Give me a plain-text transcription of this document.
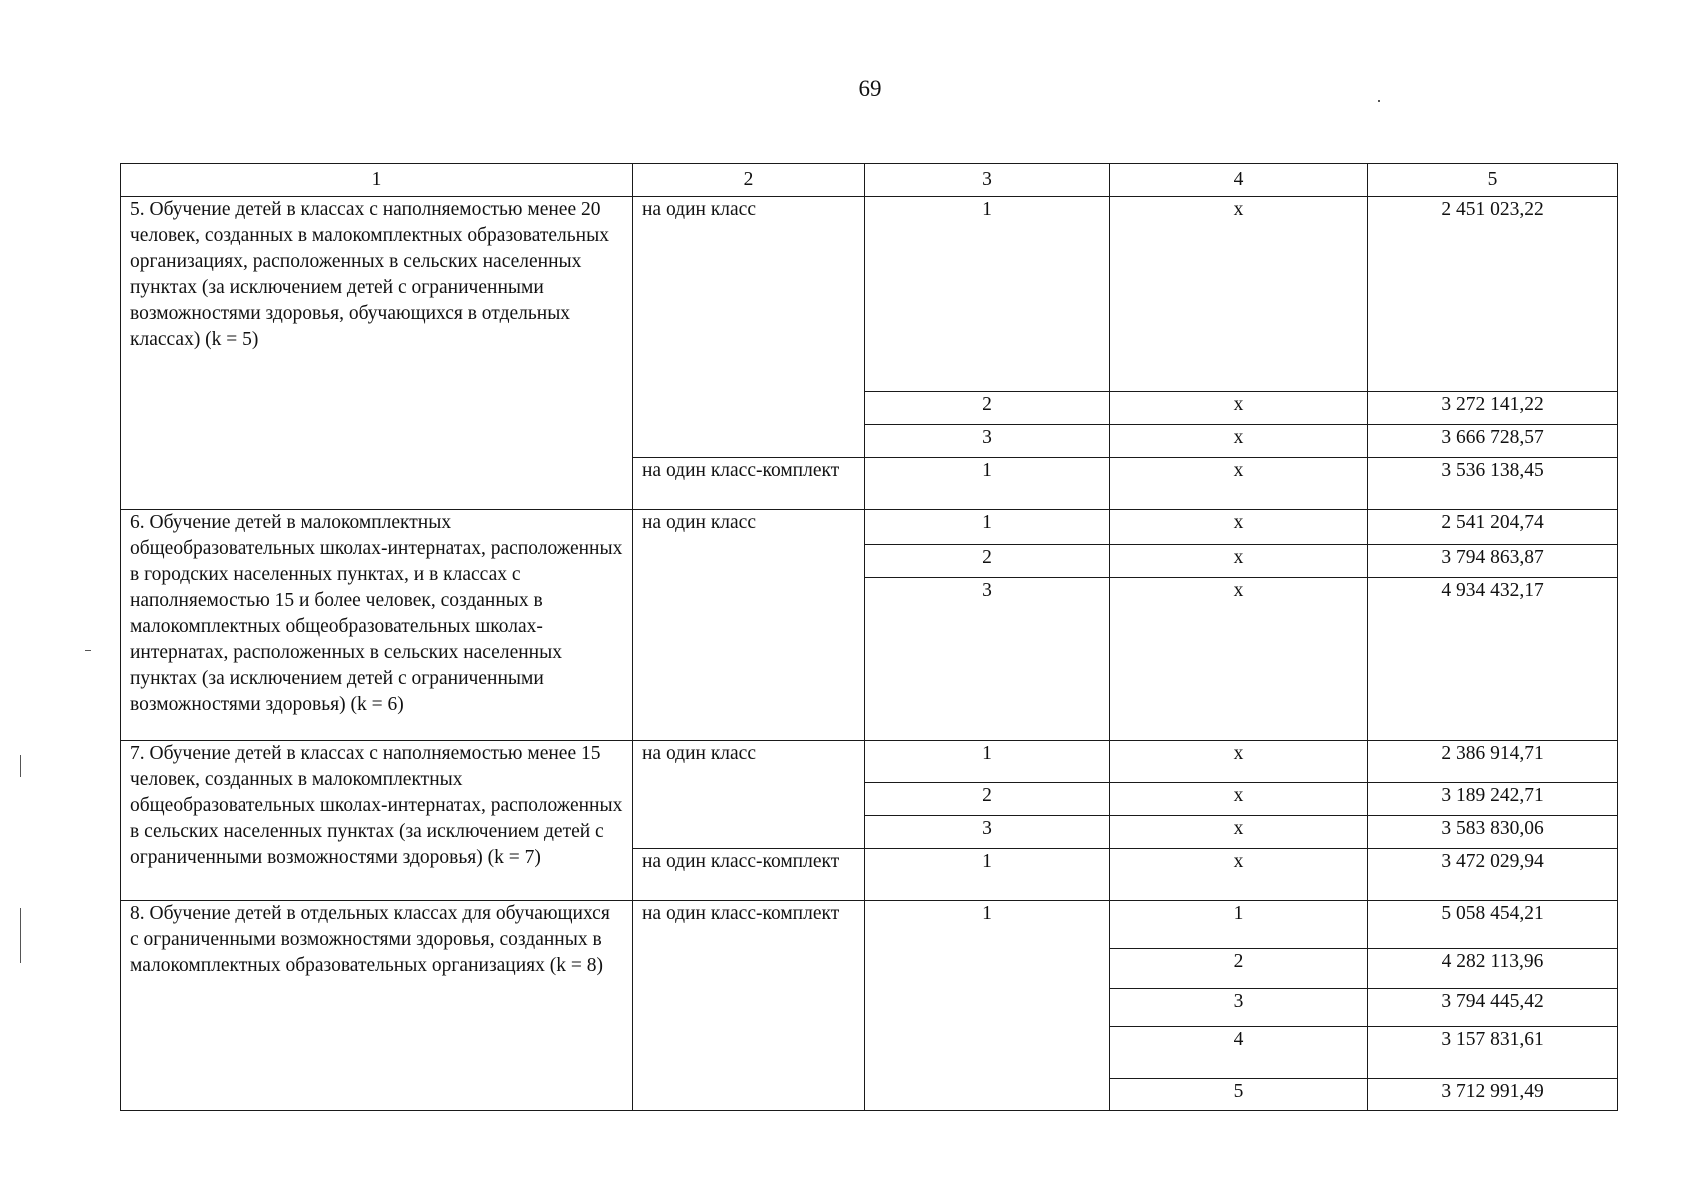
69
1	2	3	4	5
5. Обучение детей в классах с наполняемостью менее 20 человек, созданных в малокомплектных образовательных организациях, расположенных в сельских населенных пунктах (за исключением детей с ограниченными возможностями здоровья, обучающихся в отдельных классах) (k = 5)	на один класс	1	х	2 451 023,22
		2	х	3 272 141,22
		3	х	3 666 728,57
	на один класс-комплект	1	х	3 536 138,45
6. Обучение детей в малокомплектных общеобразовательных школах-интернатах, расположенных в городских населенных пунктах, и в классах с наполняемостью 15 и более человек, созданных в малокомплектных общеобразовательных школах-интернатах, расположенных в сельских населенных пунктах (за исключением детей с ограниченными возможностями здоровья) (k = 6)	на один класс	1	х	2 541 204,74
		2	х	3 794 863,87
		3	х	4 934 432,17
7. Обучение детей в классах с наполняемостью менее 15 человек, созданных в малокомплектных общеобразовательных школах-интернатах, расположенных в сельских населенных пунктах (за исключением детей с ограниченными возможностями здоровья) (k = 7)	на один класс	1	х	2 386 914,71
		2	х	3 189 242,71
		3	х	3 583 830,06
	на один класс-комплект	1	х	3 472 029,94
8. Обучение детей в отдельных классах для обучающихся с ограниченными возможностями здоровья, созданных в малокомплектных образовательных организациях (k = 8)	на один класс-комплект	1	1	5 058 454,21
			2	4 282 113,96
			3	3 794 445,42
			4	3 157 831,61
			5	3 712 991,49
